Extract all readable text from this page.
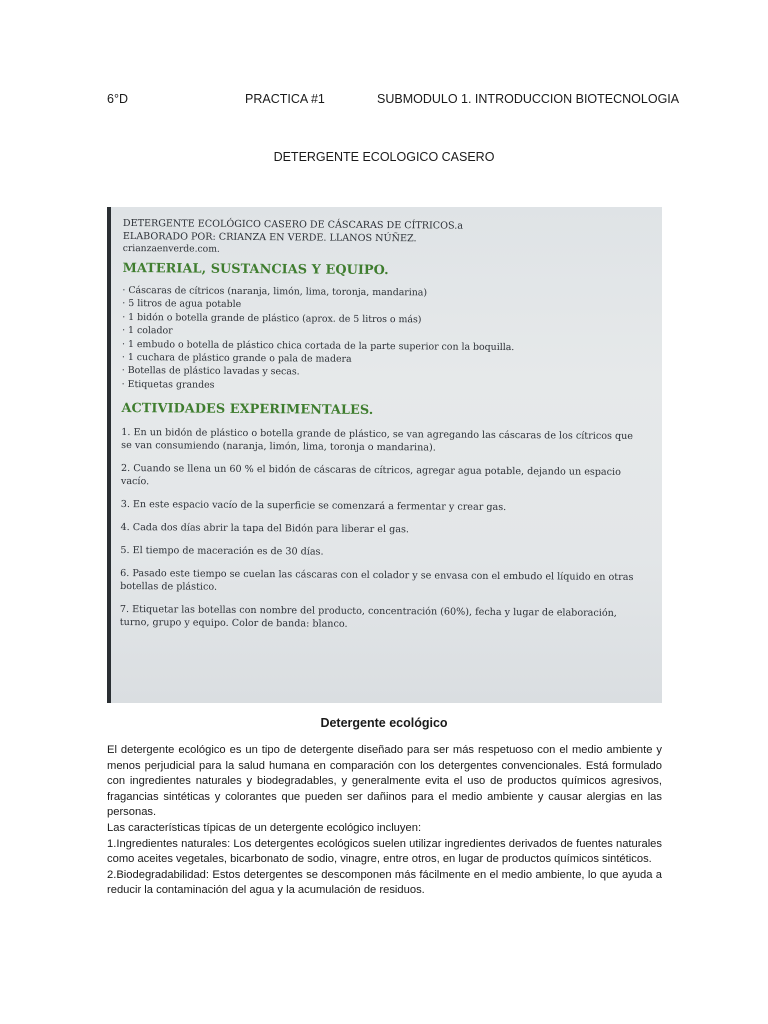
6°D	PRACTICA #1	SUBMODULO 1. INTRODUCCION BIOTECNOLOGIA
DETERGENTE ECOLOGICO CASERO
DETERGENTE ECOLÓGICO CASERO DE CÁSCARAS DE CÍTRICOS.a
ELABORADO POR: CRIANZA EN VERDE. LLANOS NÚÑEZ.
crianzaenverde.com.
MATERIAL, SUSTANCIAS Y EQUIPO.
· Cáscaras de cítricos (naranja, limón, lima, toronja, mandarina)
· 5 litros de agua potable
· 1 bidón o botella grande de plástico (aprox. de 5 litros o más)
· 1 colador
· 1 embudo o botella de plástico chica cortada de la parte superior con la boquilla.
· 1 cuchara de plástico grande o pala de madera
· Botellas de plástico lavadas y secas.
· Etiquetas grandes
ACTIVIDADES EXPERIMENTALES.
1. En un bidón de plástico o botella grande de plástico, se van agregando las cáscaras de los cítricos que se van consumiendo (naranja, limón, lima, toronja o mandarina).
2. Cuando se llena un 60 % el bidón de cáscaras de cítricos, agregar agua potable, dejando un espacio vacío.
3. En este espacio vacío de la superficie se comenzará a fermentar y crear gas.
4. Cada dos días abrir la tapa del Bidón para liberar el gas.
5. El tiempo de maceración es de 30 días.
6. Pasado este tiempo se cuelan las cáscaras con el colador y se envasa con el embudo el líquido en otras botellas de plástico.
7. Etiquetar las botellas con nombre del producto, concentración (60%), fecha y lugar de elaboración, turno, grupo y equipo. Color de banda: blanco.
Detergente ecológico

El detergente ecológico es un tipo de detergente diseñado para ser más respetuoso con el medio ambiente y menos perjudicial para la salud humana en comparación con los detergentes convencionales. Está formulado con ingredientes naturales y biodegradables, y generalmente evita el uso de productos químicos agresivos, fragancias sintéticas y colorantes que pueden ser dañinos para el medio ambiente y causar alergias en las personas.

Las características típicas de un detergente ecológico incluyen:

1.Ingredientes naturales: Los detergentes ecológicos suelen utilizar ingredientes derivados de fuentes naturales como aceites vegetales, bicarbonato de sodio, vinagre, entre otros, en lugar de productos químicos sintéticos.

2.Biodegradabilidad: Estos detergentes se descomponen más fácilmente en el medio ambiente, lo que ayuda a reducir la contaminación del agua y la acumulación de residuos.
